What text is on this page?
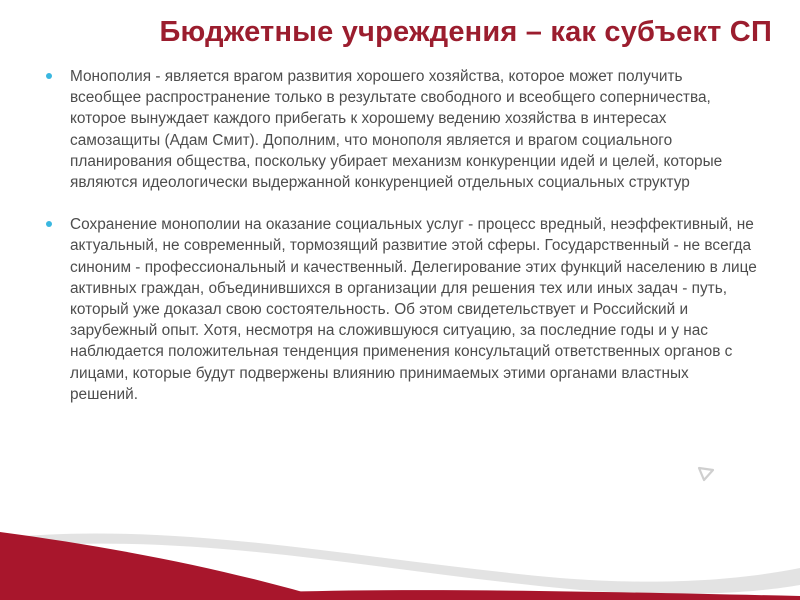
Бюджетные учреждения – как субъект СП
Монополия - является врагом развития хорошего хозяйства, которое может получить всеобщее распространение только в результате свободного и всеобщего соперничества, которое вынуждает каждого прибегать к хорошему ведению хозяйства в интересах самозащиты (Адам Смит). Дополним, что монополя является и врагом социального планирования общества, поскольку убирает механизм конкуренции идей и целей, которые являются идеологически выдержанной конкуренцией отдельных социальных структур
Сохранение монополии на оказание социальных услуг - процесс вредный, неэффективный, не актуальный, не современный, тормозящий развитие этой сферы. Государственный - не всегда синоним - профессиональный и качественный. Делегирование этих функций населению в лице активных граждан, объединившихся в организации для решения тех или иных задач - путь, который уже доказал свою состоятельность. Об этом свидетельствует и Российский и зарубежный опыт. Хотя, несмотря на сложившуюся ситуацию, за последние годы и у нас наблюдается положительная тенденция применения консультаций ответственных органов с лицами, которые будут подвержены влиянию принимаемых этими органами властных решений.
